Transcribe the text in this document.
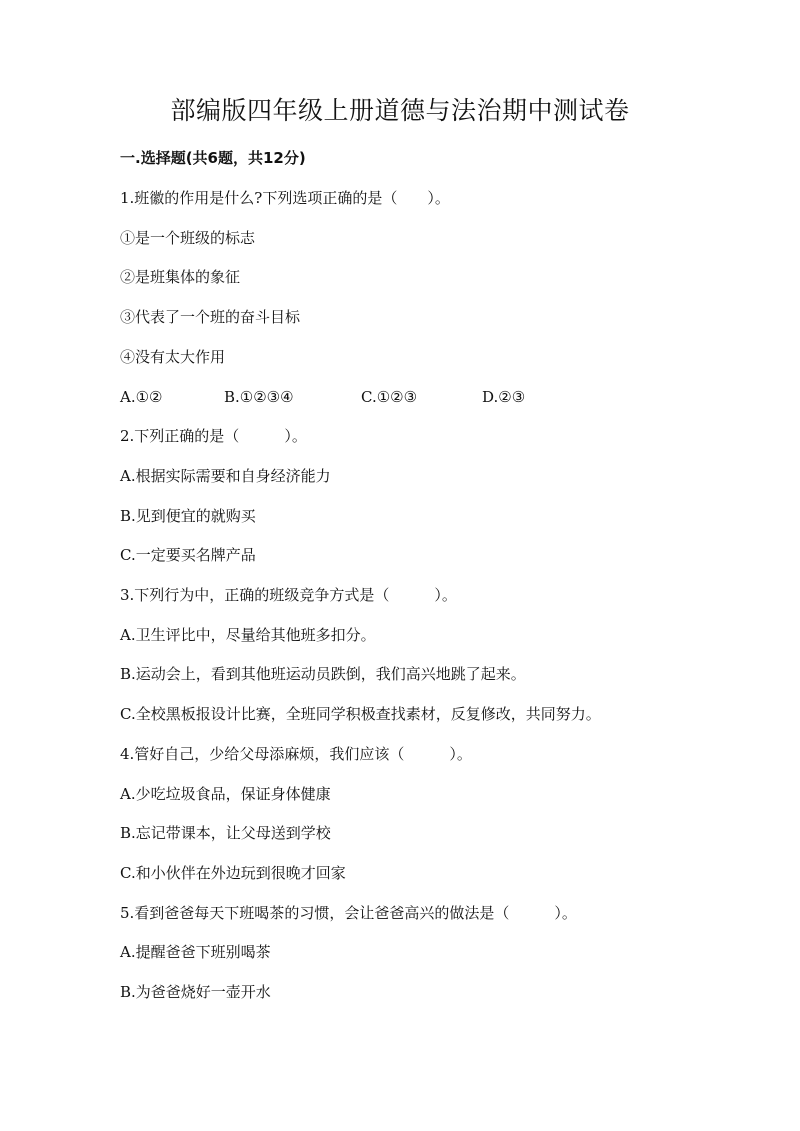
部编版四年级上册道德与法治期中测试卷
一.选择题(共6题，共12分)
1.班徽的作用是什么?下列选项正确的是（　　）。
①是一个班级的标志
②是班集体的象征
③代表了一个班的奋斗目标
④没有太大作用
A.①②	B.①②③④	C.①②③	D.②③
2.下列正确的是（　　　）。
A.根据实际需要和自身经济能力
B.见到便宜的就购买
C.一定要买名牌产品
3.下列行为中，正确的班级竞争方式是（　　　）。
A.卫生评比中，尽量给其他班多扣分。
B.运动会上，看到其他班运动员跌倒，我们高兴地跳了起来。
C.全校黑板报设计比赛，全班同学积极查找素材，反复修改，共同努力。
4.管好自己，少给父母添麻烦，我们应该（　　　）。
A.少吃垃圾食品，保证身体健康
B.忘记带课本，让父母送到学校
C.和小伙伴在外边玩到很晚才回家
5.看到爸爸每天下班喝茶的习惯，会让爸爸高兴的做法是（　　　）。
A.提醒爸爸下班别喝茶
B.为爸爸烧好一壶开水
